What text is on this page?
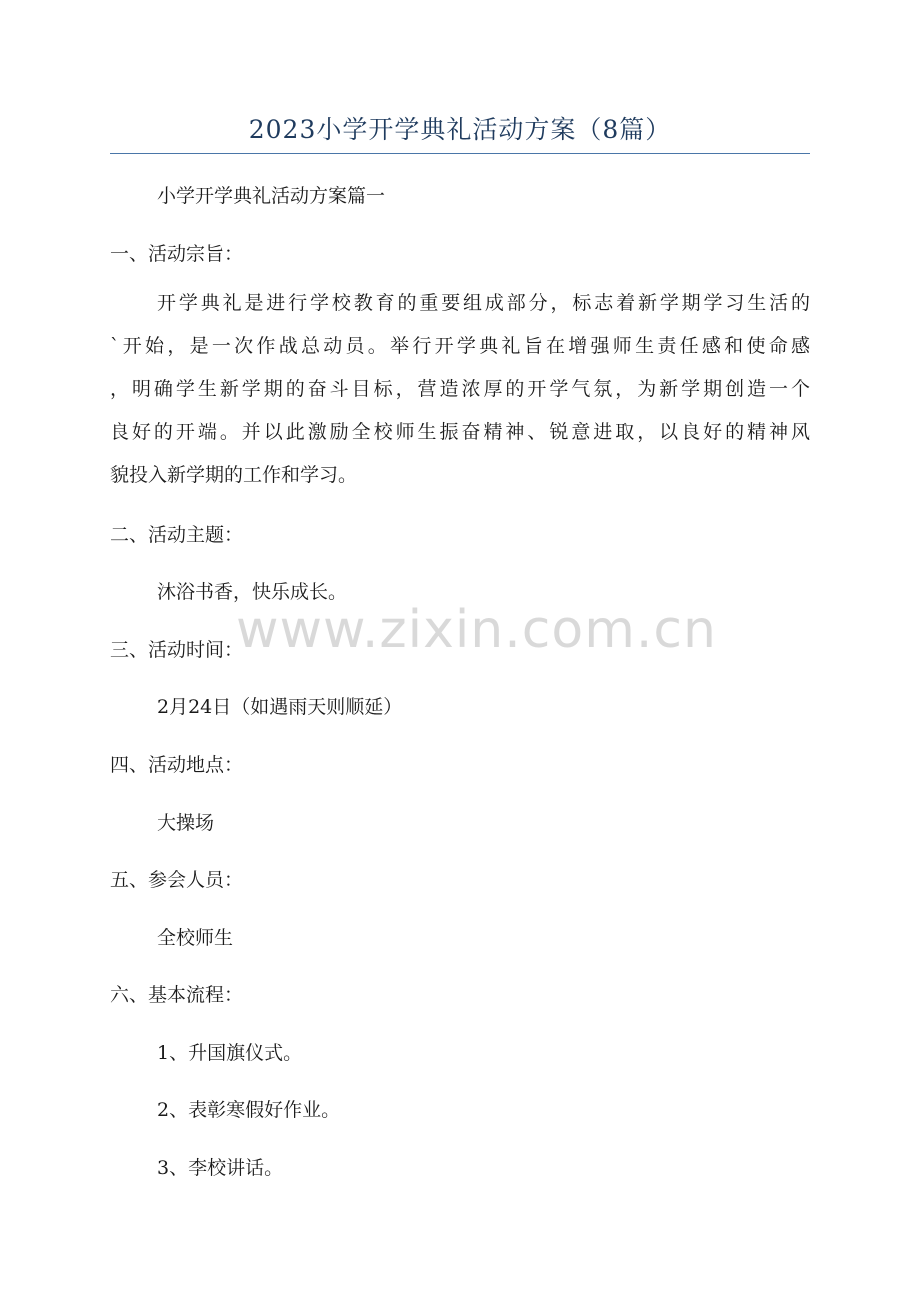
2023小学开学典礼活动方案（8篇）
小学开学典礼活动方案篇一
一、活动宗旨：
开学典礼是进行学校教育的重要组成部分，标志着新学期学习生活的
`开始，是一次作战总动员。举行开学典礼旨在增强师生责任感和使命感
，明确学生新学期的奋斗目标，营造浓厚的开学气氛，为新学期创造一个
良好的开端。并以此激励全校师生振奋精神、锐意进取，以良好的精神风
貌投入新学期的工作和学习。
二、活动主题：
沐浴书香，快乐成长。
三、活动时间：
2月24日（如遇雨天则顺延）
四、活动地点：
大操场
五、参会人员：
全校师生
六、基本流程：
1、升国旗仪式。
2、表彰寒假好作业。
3、李校讲话。
www.zixin.com.cn
